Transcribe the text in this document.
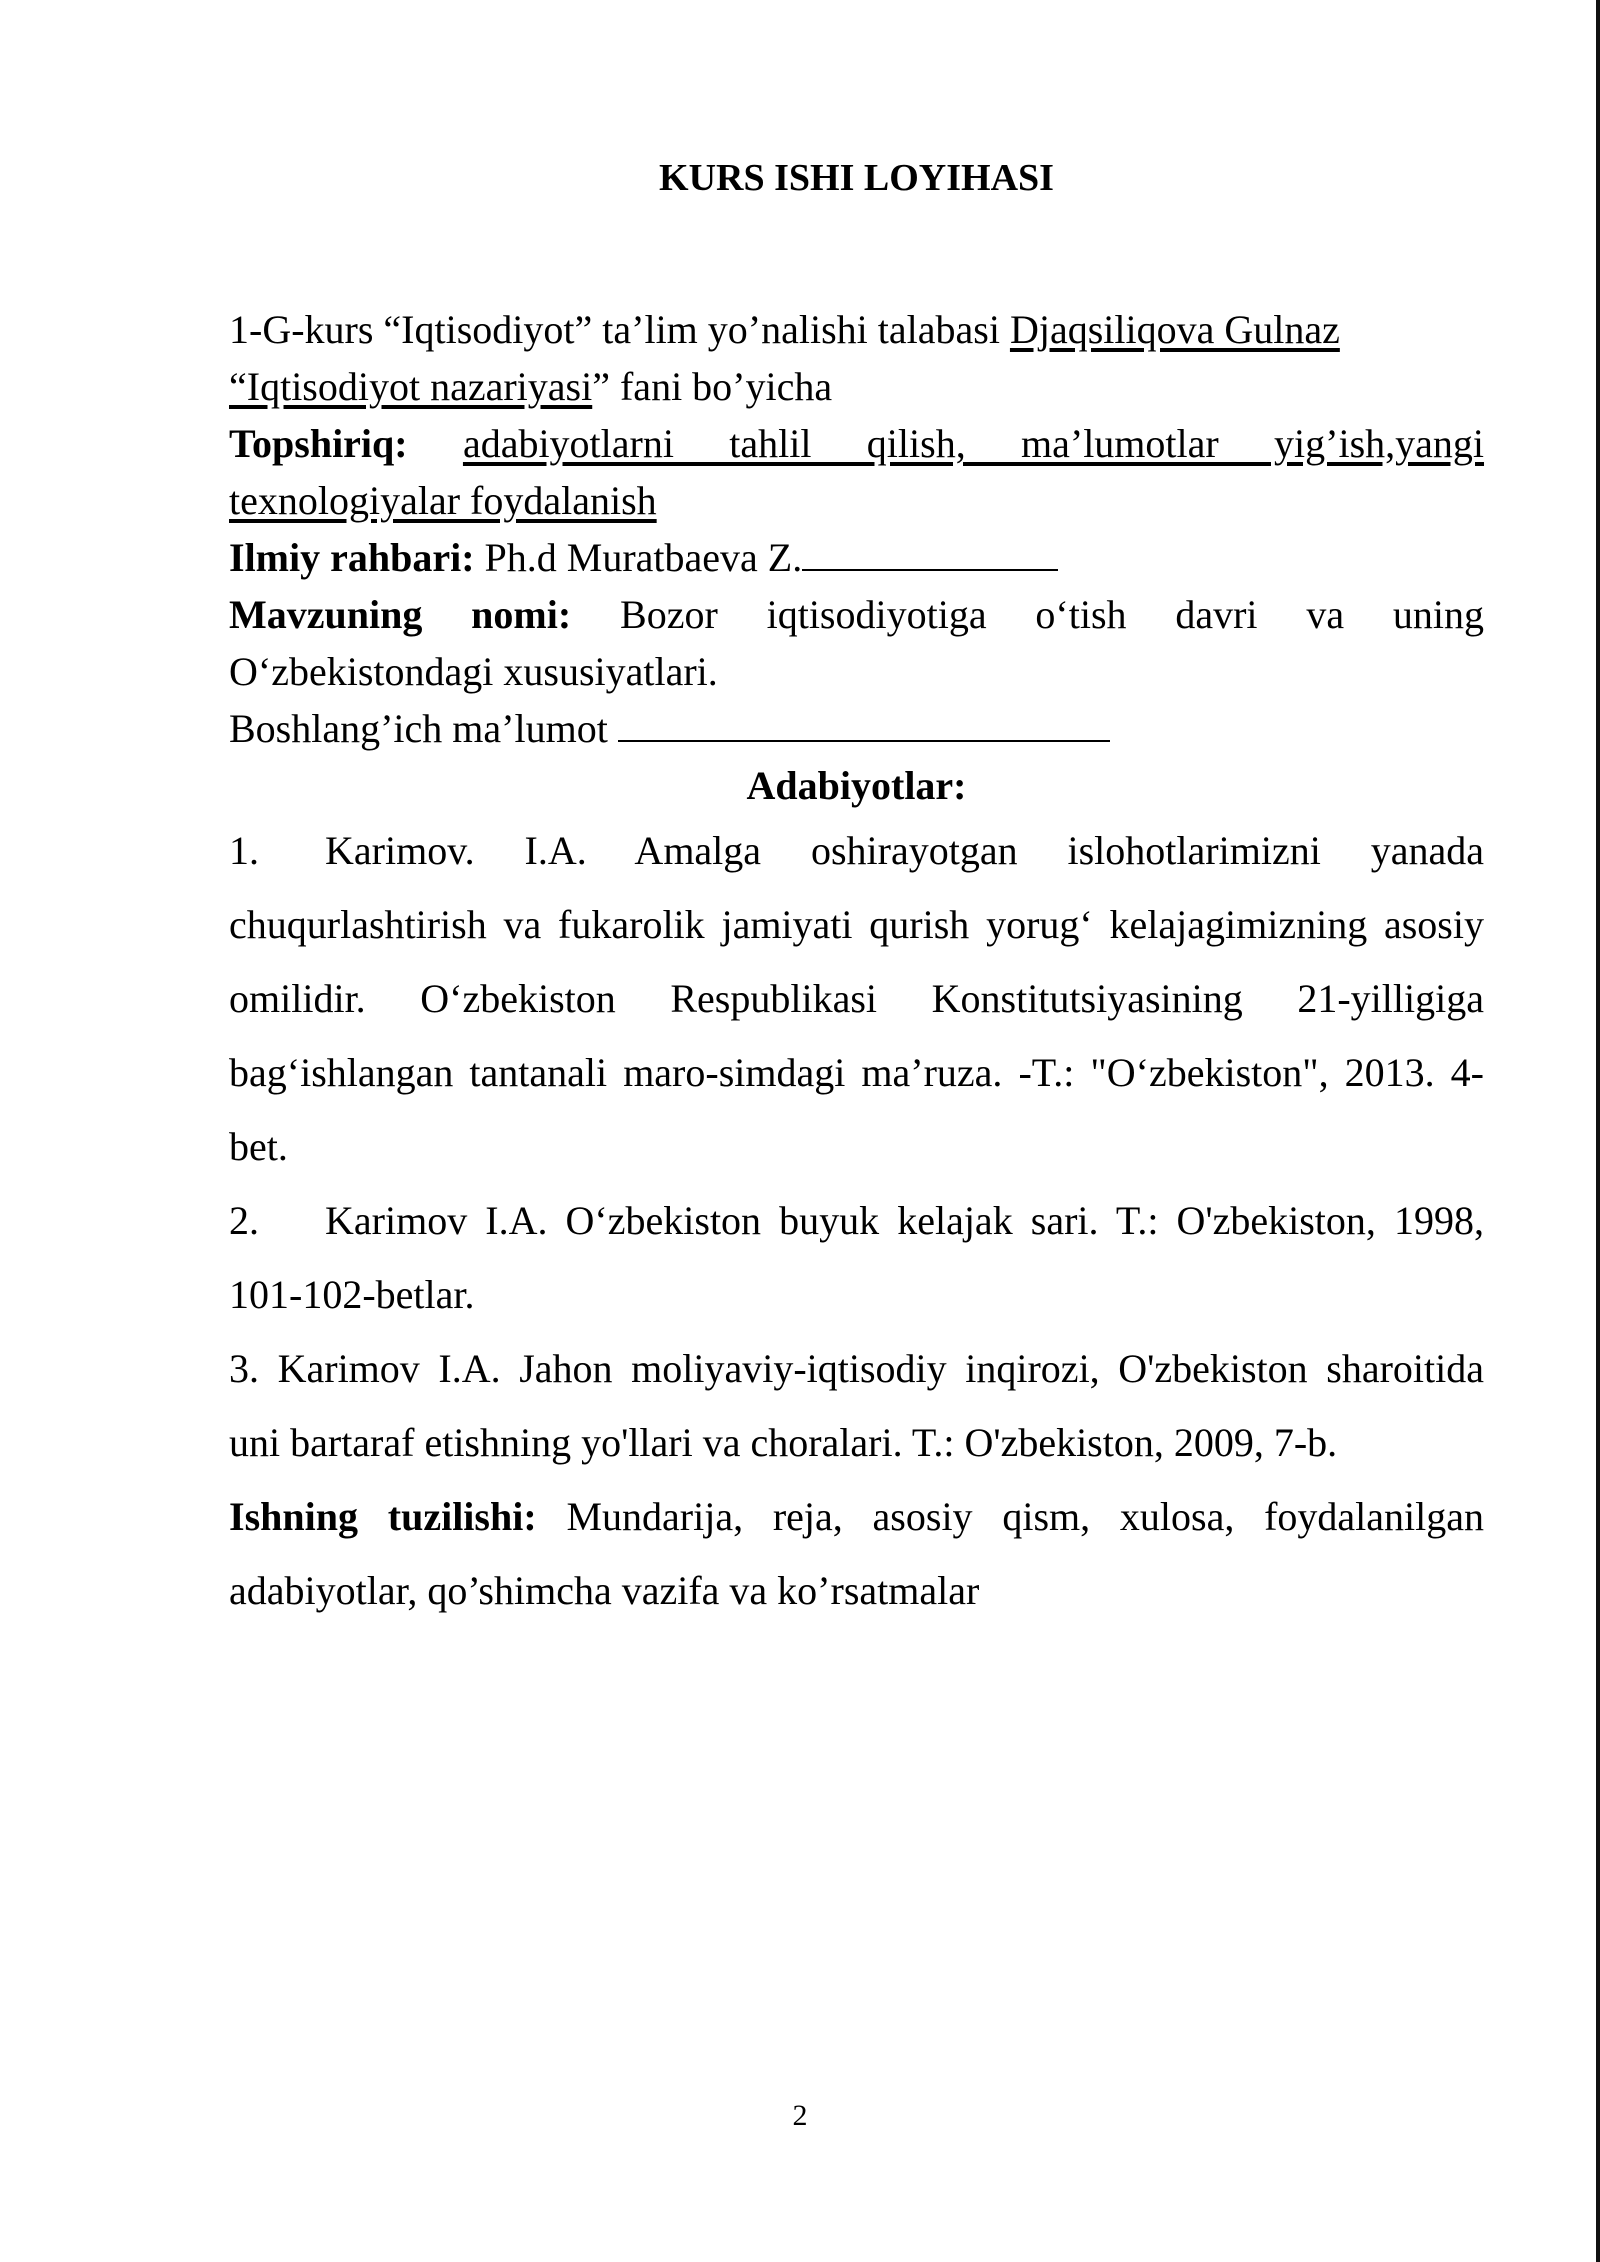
KURS ISHI LOYIHASI

1-G-kurs “Iqtisodiyot” ta’lim yo’nalishi talabasi Djaqsiliqova Gulnaz
“Iqtisodiyot nazariyasi” fani bo’yicha

Topshiriq: adabiyotlarni tahlil qilish, ma’lumotlar yig’ish,yangi texnologiyalar foydalanish

Ilmiy rahbari: Ph.d Muratbaeva Z.

Mavzuning nomi: Bozor iqtisodiyotiga o‘tish davri va uning O‘zbekistondagi xususiyatlari.

Boshlang’ich ma’lumot

Adabiyotlar:

1. Karimov. I.A. Amalga oshirayotgan islohotlarimizni yanada chuqurlashtirish va fukarolik jamiyati qurish yorug‘ kelajagimizning asosiy omilidir. O‘zbekiston Respublikasi Konstitutsiyasining 21-yilligiga bag‘ishlangan tantanali maro-simdagi ma’ruza. -T.: "O‘zbekiston", 2013. 4-bet.

2. Karimov I.A. O‘zbekiston buyuk kelajak sari. T.: O'zbekiston, 1998, 101-102-betlar.

3. Karimov I.A. Jahon moliyaviy-iqtisodiy inqirozi, O'zbekiston sharoitida uni bartaraf etishning yo'llari va choralari. T.: O'zbekiston, 2009, 7-b.

Ishning tuzilishi: Mundarija, reja, asosiy qism, xulosa, foydalanilgan adabiyotlar, qo’shimcha vazifa va ko’rsatmalar

2
